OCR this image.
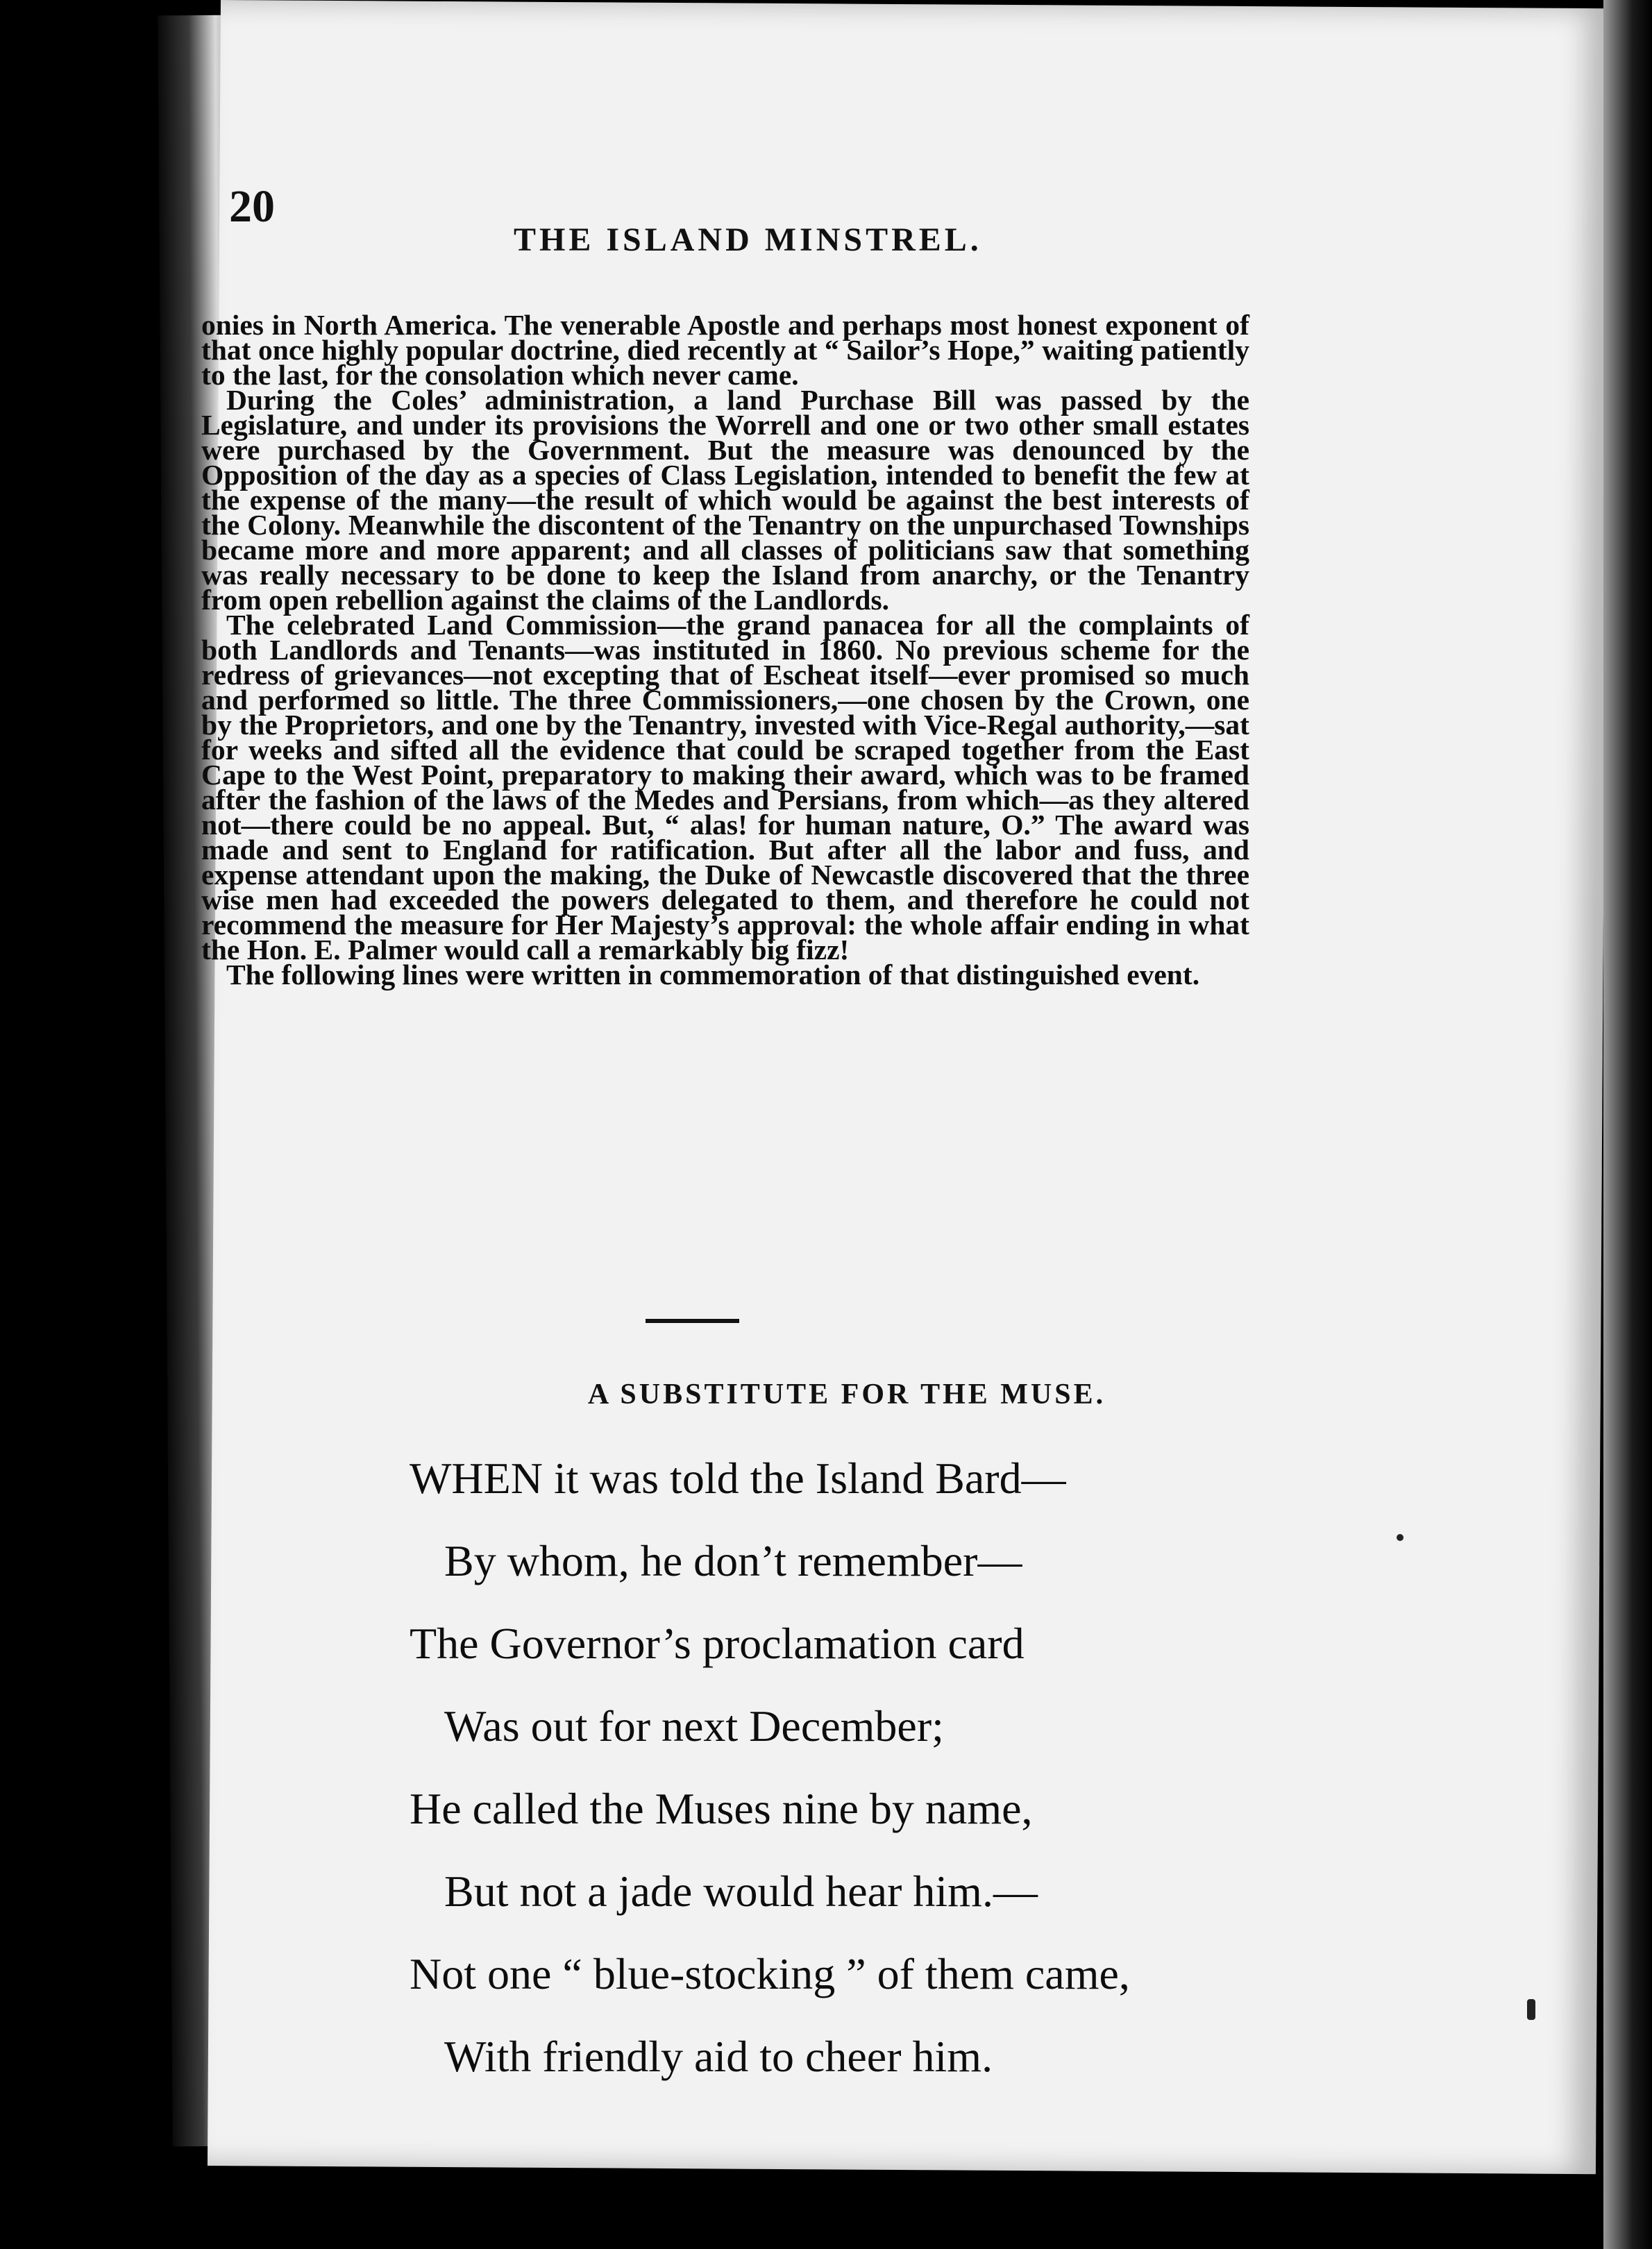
20
THE ISLAND MINSTREL.

onies in North America. The venerable Apostle and perhaps most honest exponent of that once highly popular doctrine, died recently at “ Sailor’s Hope,” waiting patiently to the last, for the consolation which never came.

During the Coles’ administration, a land Purchase Bill was passed by the Legislature, and under its provisions the Worrell and one or two other small estates were purchased by the Government. But the measure was denounced by the Opposition of the day as a species of Class Legislation, intended to benefit the few at the expense of the many—the result of which would be against the best interests of the Colony. Meanwhile the discontent of the Tenantry on the unpurchased Townships became more and more apparent; and all classes of politicians saw that something was really necessary to be done to keep the Island from anarchy, or the Tenantry from open rebellion against the claims of the Landlords.

The celebrated Land Commission—the grand panacea for all the complaints of both Landlords and Tenants—was instituted in 1860. No previous scheme for the redress of grievances—not excepting that of Escheat itself—ever promised so much and performed so little. The three Commissioners,—one chosen by the Crown, one by the Proprietors, and one by the Tenantry, invested with Vice-Regal authority,—sat for weeks and sifted all the evidence that could be scraped together from the East Cape to the West Point, preparatory to making their award, which was to be framed after the fashion of the laws of the Medes and Persians, from which—as they altered not—there could be no appeal. But, “ alas! for human nature, O.” The award was made and sent to England for ratification. But after all the labor and fuss, and expense attendant upon the making, the Duke of Newcastle discovered that the three wise men had exceeded the powers delegated to them, and therefore he could not recommend the measure for Her Majesty’s approval: the whole affair ending in what the Hon. E. Palmer would call a remarkably big fizz!

The following lines were written in commemoration of that distinguished event.

A SUBSTITUTE FOR THE MUSE.
WHEN it was told the Island Bard—
By whom, he don’t remember—
The Governor’s proclamation card
Was out for next December;
He called the Muses nine by name,
But not a jade would hear him.—
Not one “ blue-stocking ” of them came,
With friendly aid to cheer him.
